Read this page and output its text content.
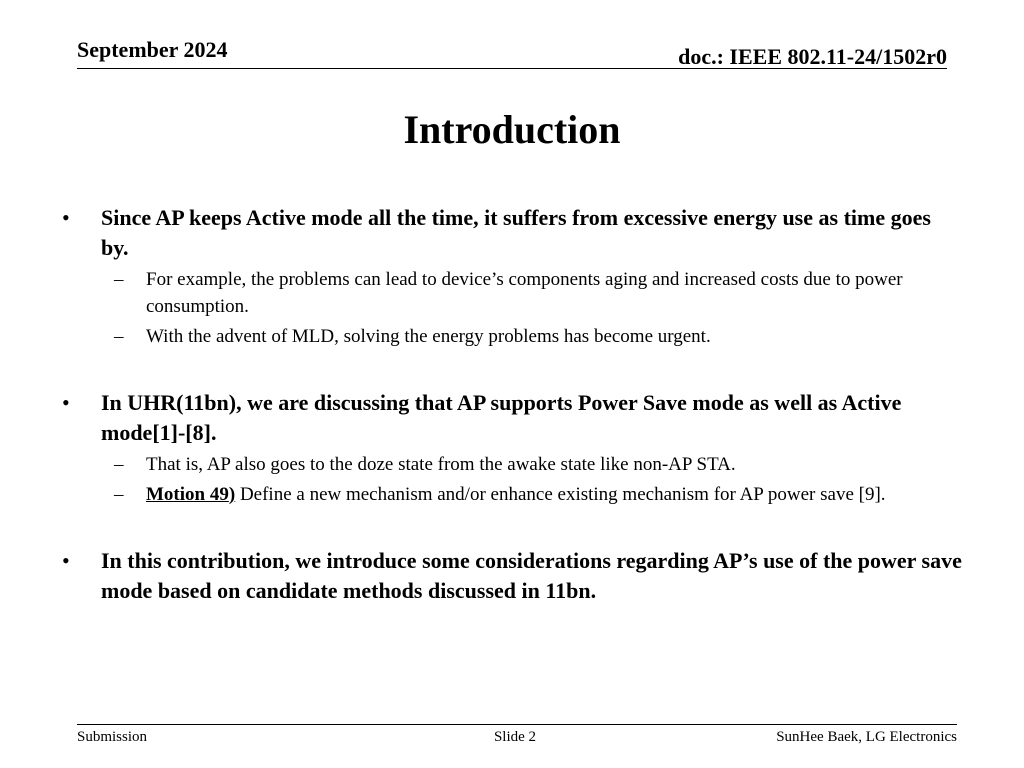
September 2024	doc.: IEEE 802.11-24/1502r0
Introduction
•	Since AP keeps Active mode all the time, it suffers from excessive energy use as time goes by.
– For example, the problems can lead to device’s components aging and increased costs due to power consumption.
– With the advent of MLD, solving the energy problems has become urgent.
•	In UHR(11bn), we are discussing that AP supports Power Save mode as well as Active mode[1]-[8].
– That is, AP also goes to the doze state from the awake state like non-AP STA.
– Motion 49) Define a new mechanism and/or enhance existing mechanism for AP power save [9].
•	In this contribution, we introduce some considerations regarding AP’s use of the power save mode based on candidate methods discussed in 11bn.
Submission	Slide 2	SunHee Baek, LG Electronics
